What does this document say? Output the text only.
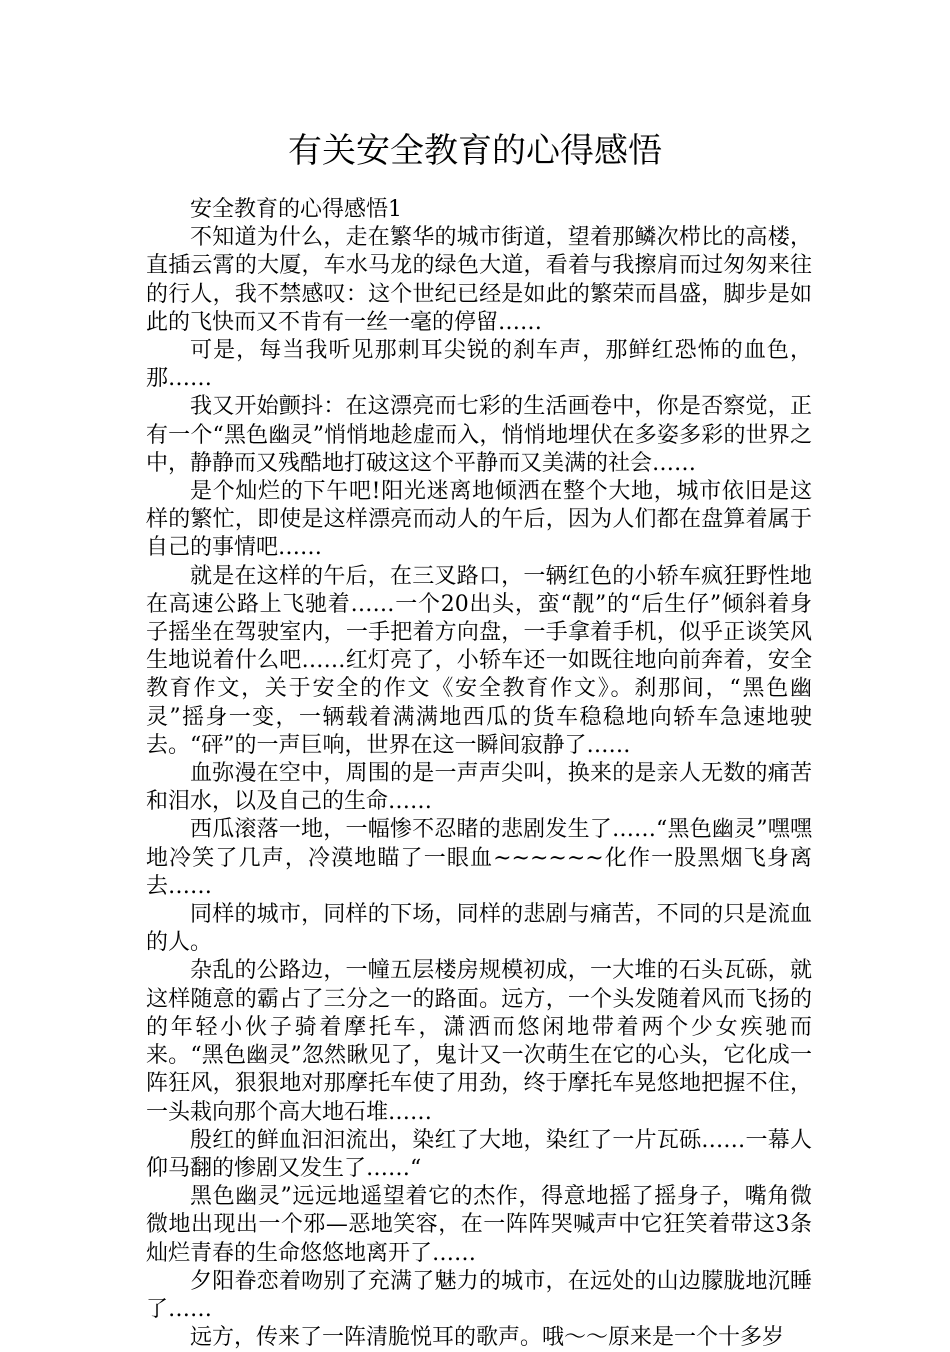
有关安全教育的心得感悟

安全教育的心得感悟1

不知道为什么，走在繁华的城市街道，望着那鳞次栉比的高楼，直插云霄的大厦，车水马龙的绿色大道，看着与我擦肩而过匆匆来往的行人，我不禁感叹：这个世纪已经是如此的繁荣而昌盛，脚步是如此的飞快而又不肯有一丝一毫的停留……

可是，每当我听见那刺耳尖锐的刹车声，那鲜红恐怖的血色，那……

我又开始颤抖：在这漂亮而七彩的生活画卷中，你是否察觉，正有一个“黑色幽灵”悄悄地趁虚而入，悄悄地埋伏在多姿多彩的世界之中，静静而又残酷地打破这这个平静而又美满的社会……

是个灿烂的下午吧!阳光迷离地倾洒在整个大地，城市依旧是这样的繁忙，即使是这样漂亮而动人的午后，因为人们都在盘算着属于自己的事情吧……

就是在这样的午后，在三叉路口，一辆红色的小轿车疯狂野性地在高速公路上飞驰着……一个20出头，蛮“靓”的“后生仔”倾斜着身子摇坐在驾驶室内，一手把着方向盘，一手拿着手机，似乎正谈笑风生地说着什么吧……红灯亮了，小轿车还一如既往地向前奔着，安全教育作文，关于安全的作文《安全教育作文》。刹那间，“黑色幽灵”摇身一变，一辆载着满满地西瓜的货车稳稳地向轿车急速地驶去。“砰”的一声巨响，世界在这一瞬间寂静了……

血弥漫在空中，周围的是一声声尖叫，换来的是亲人无数的痛苦和泪水，以及自己的生命……

西瓜滚落一地，一幅惨不忍睹的悲剧发生了……“黑色幽灵”嘿嘿地冷笑了几声，冷漠地瞄了一眼血~~~~~~化作一股黑烟飞身离去……

同样的城市，同样的下场，同样的悲剧与痛苦，不同的只是流血的人。

杂乱的公路边，一幢五层楼房规模初成，一大堆的石头瓦砾，就这样随意的霸占了三分之一的路面。远方，一个头发随着风而飞扬的的年轻小伙子骑着摩托车，潇洒而悠闲地带着两个少女疾驰而来。“黑色幽灵”忽然瞅见了，鬼计又一次萌生在它的心头，它化成一阵狂风，狠狠地对那摩托车使了用劲，终于摩托车晃悠地把握不住，一头栽向那个高大地石堆……

殷红的鲜血汩汩流出，染红了大地，染红了一片瓦砾……一幕人仰马翻的惨剧又发生了……“

黑色幽灵”远远地遥望着它的杰作，得意地摇了摇身子，嘴角微微地出现出一个邪—恶地笑容，在一阵阵哭喊声中它狂笑着带这3条灿烂青春的生命悠悠地离开了……

夕阳眷恋着吻别了充满了魅力的城市，在远处的山边朦胧地沉睡了……

远方，传来了一阵清脆悦耳的歌声。哦～～原来是一个十多岁
